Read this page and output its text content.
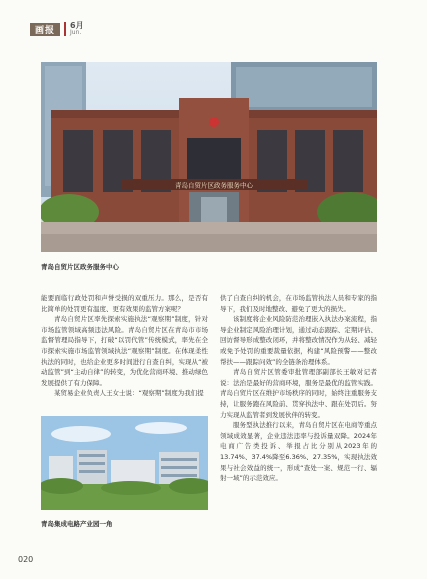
画报	6月
Jun.
青岛自贸片区政务服务中心
青岛自贸片区政务服务中心

能要面临行政处罚和声誉受损的双重压力。那么，是否有比简单的处罚更有温度、更有效果的监管方案呢？

青岛自贸片区率先探索实施执法“观察期”制度，针对市场监管领域高频违法风险。青岛自贸片区在青岛市市场监督管理局指导下，打破“以罚代管”传统模式，率先在全市探索实施市场监管领域执法“观察期”制度。在体现柔性执法的同时，也给企业更多时间进行自查自纠，实现从“被动监管”到“主动自律”的转变，为优化营商环境、推动绿色发展提供了有力保障。

某贸易企业负责人王女士说：“观察期”制度为我们提

青岛集成电路产业园一角

供了自查自纠的机会，在市场监管执法人员和专家的指导下，我们及时地整改、避免了更大的损失。

该制度将企业风险防范治理嵌入执法办案流程，指导企业制定风险治理计划，通过动态跟踪、定期评估、回访督导形成整改闭环，并将整改情况作为从轻、减轻或免予处罚的重要裁量依据，构建“风险预警——整改帮扶——跟踪问效”的全链条治理体系。

青岛自贸片区管委审批管理部副部长王敏对记者说：法治是最好的营商环境，服务是最优的监管实践。青岛自贸片区在维护市场秩序的同时，始终注重服务支持，让服务跑在风险前、贯穿执法中、跟在处罚后。努力实现从监管者到发展伙伴的转变。

服务型执法推行以来，青岛自贸片区在电商等重点领域成效显著，企业违法违率与投诉量双降。2024年电商广告类投诉、举报占比分别从2023年的13.74%、37.4%降至6.36%、27.35%，实现执法效果与社会效益的统一，形成“查处一案、规范一行、辐射一域”的示范效应。

020
